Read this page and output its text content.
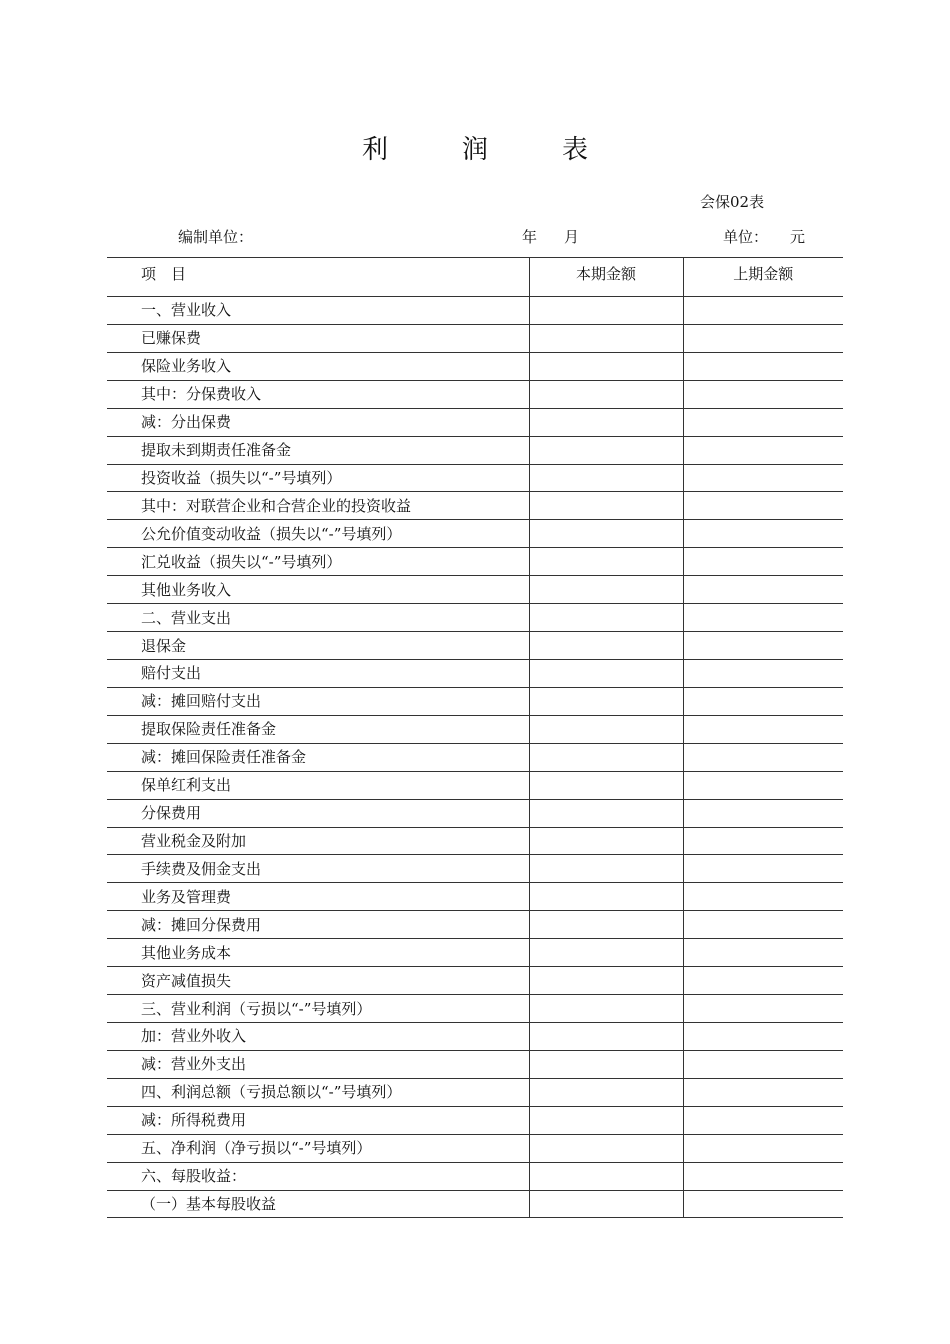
利润表
会保02表
编制单位：	年 月	单位： 元
项　目	本期金额	上期金额
一、营业收入		
已赚保费		
保险业务收入		
其中：分保费收入		
减：分出保费		
提取未到期责任准备金		
投资收益（损失以“-”号填列）		
其中：对联营企业和合营企业的投资收益		
公允价值变动收益（损失以“-”号填列）		
汇兑收益（损失以“-”号填列）		
其他业务收入		
二、营业支出		
退保金		
赔付支出		
减：摊回赔付支出		
提取保险责任准备金		
减：摊回保险责任准备金		
保单红利支出		
分保费用		
营业税金及附加		
手续费及佣金支出		
业务及管理费		
减：摊回分保费用		
其他业务成本		
资产减值损失		
三、营业利润（亏损以“-”号填列）		
加：营业外收入		
减：营业外支出		
四、利润总额（亏损总额以“-”号填列）		
减：所得税费用		
五、净利润（净亏损以“-”号填列）		
六、每股收益：		
（一）基本每股收益		
